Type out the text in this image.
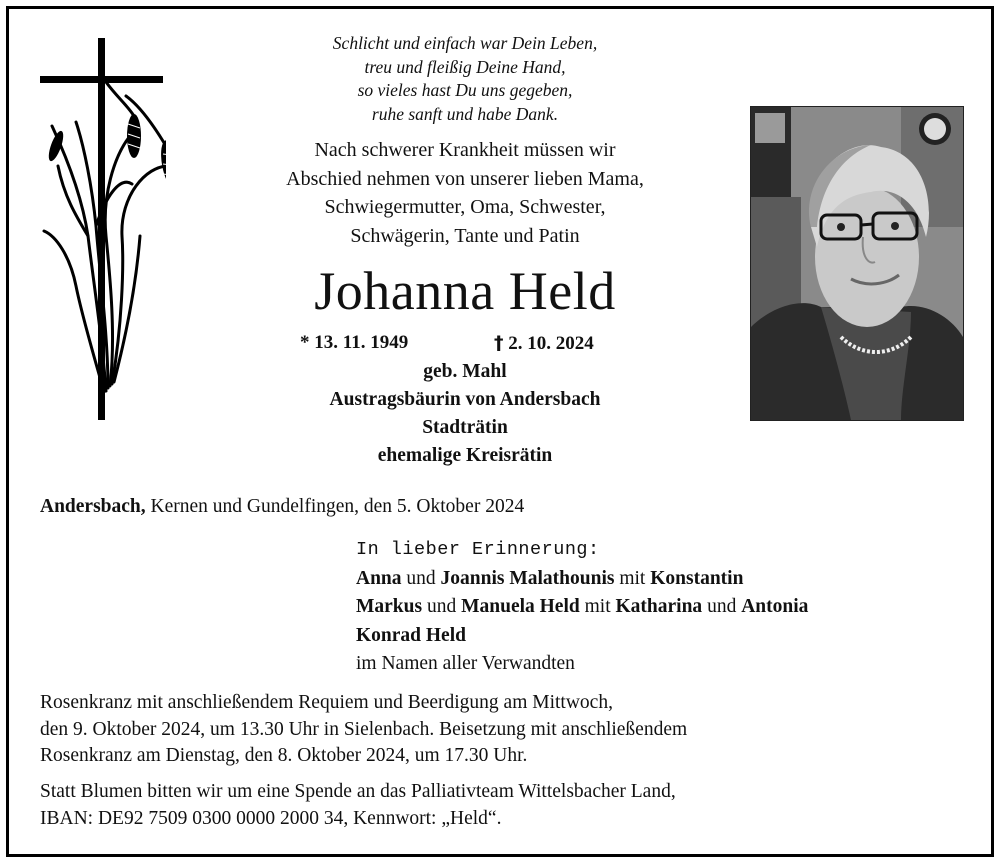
Schlicht und einfach war Dein Leben,
treu und fleißig Deine Hand,
so vieles hast Du uns gegeben,
ruhe sanft und habe Dank.
Nach schwerer Krankheit müssen wir
Abschied nehmen von unserer lieben Mama,
Schwiegermutter, Oma, Schwester,
Schwägerin, Tante und Patin
Johanna Held
* 13. 11. 1949	† 2. 10. 2024
geb. Mahl
Austragsbäurin von Andersbach
Stadträtin
ehemalige Kreisrätin
Andersbach, Kernen und Gundelfingen, den 5. Oktober 2024
In lieber Erinnerung:
Anna und Joannis Malathounis mit Konstantin
Markus und Manuela Held mit Katharina und Antonia
Konrad Held
im Namen aller Verwandten
Rosenkranz mit anschließendem Requiem und Beerdigung am Mittwoch,
den 9. Oktober 2024, um 13.30 Uhr in Sielenbach. Beisetzung mit anschließendem
Rosenkranz am Dienstag, den 8. Oktober 2024, um 17.30 Uhr.
Statt Blumen bitten wir um eine Spende an das Palliativteam Wittelsbacher Land,
IBAN: DE92 7509 0300 0000 2000 34, Kennwort: „Held“.
